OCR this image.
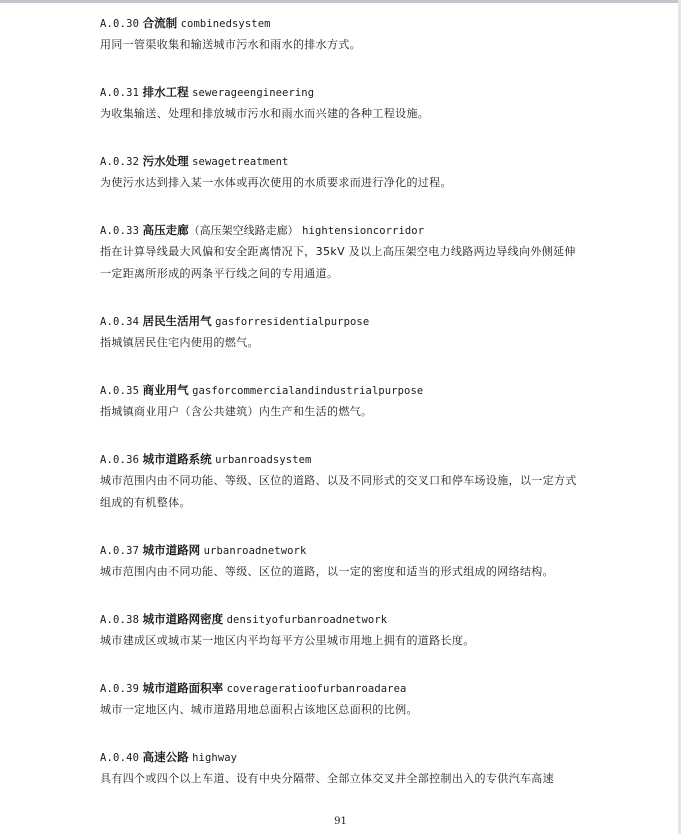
A.0.30 合流制 combinedsystem
用同一管渠收集和输送城市污水和雨水的排水方式。
A.0.31 排水工程 sewerageengineering
为收集输送、处理和排放城市污水和雨水而兴建的各种工程设施。
A.0.32 污水处理 sewagetreatment
为使污水达到排入某一水体或再次使用的水质要求而进行净化的过程。
A.0.33 高压走廊（高压架空线路走廊） hightensioncorridor
指在计算导线最大风偏和安全距离情况下，35kV 及以上高压架空电力线路两边导线向外侧延伸一定距离所形成的两条平行线之间的专用通道。
A.0.34 居民生活用气 gasforresidentialpurpose
指城镇居民住宅内使用的燃气。
A.0.35 商业用气 gasforcommercialandindustrialpurpose
指城镇商业用户（含公共建筑）内生产和生活的燃气。
A.0.36 城市道路系统 urbanroadsystem
城市范围内由不同功能、等级、区位的道路、以及不同形式的交叉口和停车场设施，以一定方式组成的有机整体。
A.0.37 城市道路网 urbanroadnetwork
城市范围内由不同功能、等级、区位的道路，以一定的密度和适当的形式组成的网络结构。
A.0.38 城市道路网密度 densityofurbanroadnetwork
城市建成区或城市某一地区内平均每平方公里城市用地上拥有的道路长度。
A.0.39 城市道路面积率 coverageratioofurbanroadarea
城市一定地区内、城市道路用地总面积占该地区总面积的比例。
A.0.40 高速公路 highway
具有四个或四个以上车道、设有中央分隔带、全部立体交叉并全部控制出入的专供汽车高速
91
